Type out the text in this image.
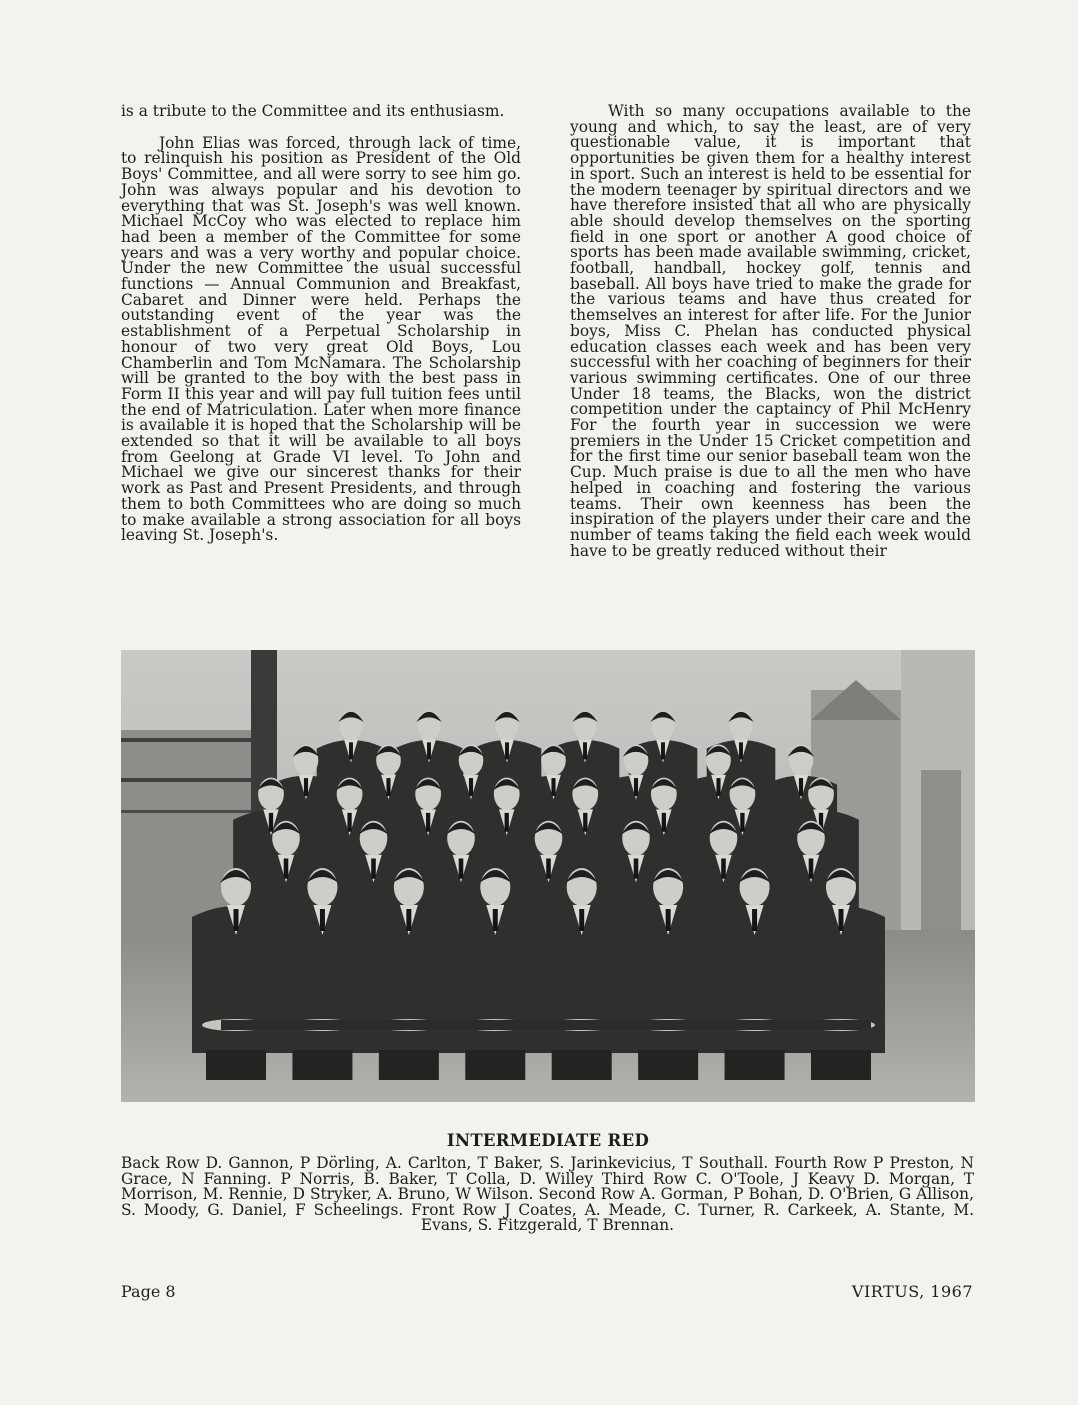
is a tribute to the Committee and its enthusiasm.

John Elias was forced, through lack of time, to relinquish his position as President of the Old Boys' Committee, and all were sorry to see him go. John was always popular and his devotion to everything that was St. Joseph's was well known. Michael McCoy who was elected to replace him had been a member of the Committee for some years and was a very worthy and popular choice. Under the new Committee the usual successful functions — Annual Communion and Breakfast, Cabaret and Dinner were held. Perhaps the outstanding event of the year was the establishment of a Perpetual Scholarship in honour of two very great Old Boys, Lou Chamberlin and Tom McNamara. The Scholarship will be granted to the boy with the best pass in Form II this year and will pay full tuition fees until the end of Matriculation. Later when more finance is available it is hoped that the Scholarship will be extended so that it will be available to all boys from Geelong at Grade VI level. To John and Michael we give our sincerest thanks for their work as Past and Present Presidents, and through them to both Committees who are doing so much to make available a strong association for all boys leaving St. Joseph's.

With so many occupations available to the young and which, to say the least, are of very questionable value, it is important that opportunities be given them for a healthy interest in sport. Such an interest is held to be essential for the modern teenager by spiritual directors and we have therefore insisted that all who are physically able should develop themselves on the sporting field in one sport or another A good choice of sports has been made available swimming, cricket, football, handball, hockey golf, tennis and baseball. All boys have tried to make the grade for the various teams and have thus created for themselves an interest for after life. For the Junior boys, Miss C. Phelan has conducted physical education classes each week and has been very successful with her coaching of beginners for their various swimming certificates. One of our three Under 18 teams, the Blacks, won the district competition under the captaincy of Phil McHenry For the fourth year in succession we were premiers in the Under 15 Cricket competition and for the first time our senior baseball team won the Cup. Much praise is due to all the men who have helped in coaching and fostering the various teams. Their own keenness has been the inspiration of the players under their care and the number of teams taking the field each week would have to be greatly reduced without their

INTERMEDIATE RED
Back Row D. Gannon, P Dörling, A. Carlton, T Baker, S. Jarinkevicius, T Southall. Fourth Row P Preston, N Grace, N Fanning. P Norris, B. Baker, T Colla, D. Willey Third Row C. O'Toole, J Keavy D. Morgan, T Morrison, M. Rennie, D Stryker, A. Bruno, W Wilson. Second Row A. Gorman, P Bohan, D. O'Brien, G Allison, S. Moody, G. Daniel, F Scheelings. Front Row J Coates, A. Meade, C. Turner, R. Carkeek, A. Stante, M. Evans, S. Fitzgerald, T Brennan.
Page 8	VIRTUS, 1967
